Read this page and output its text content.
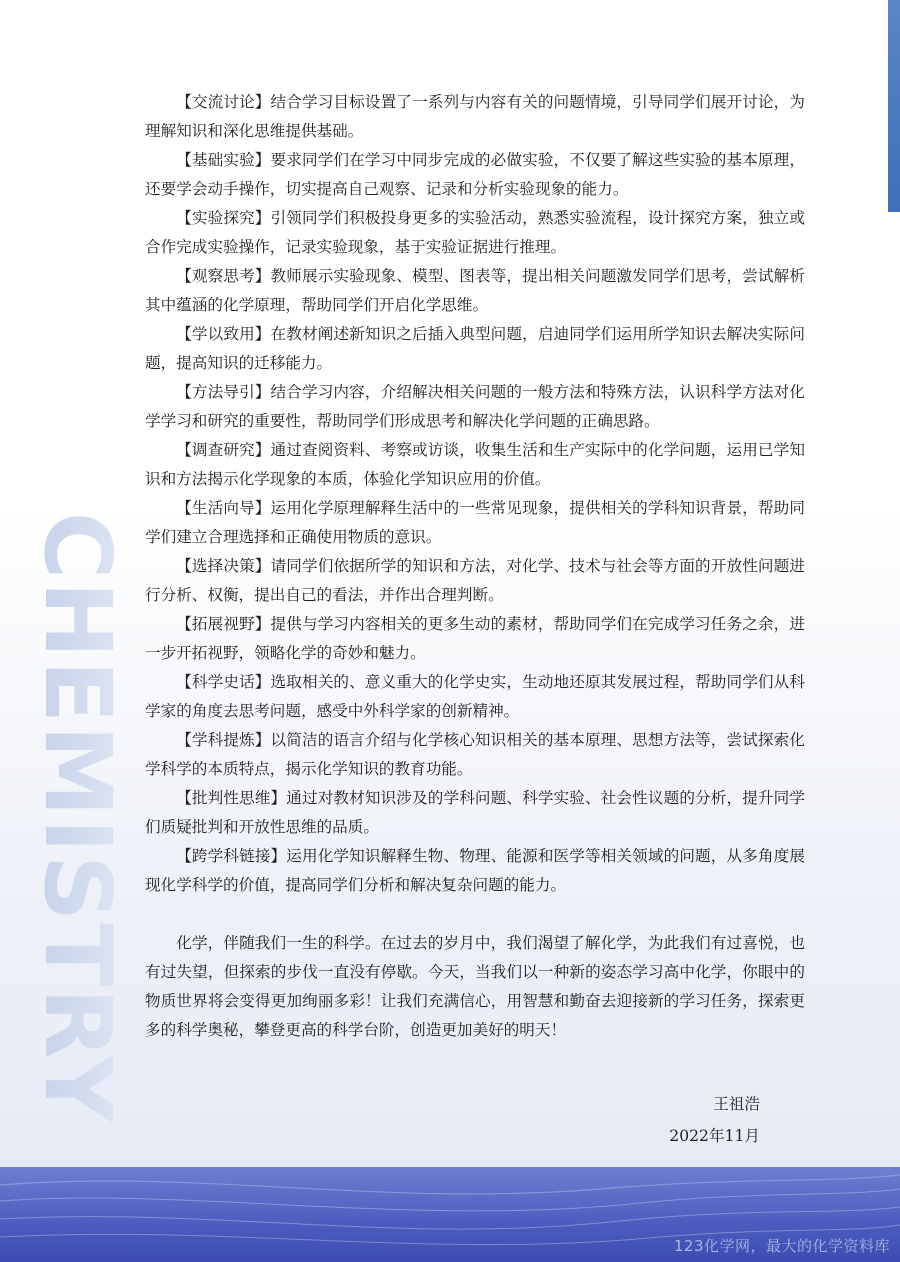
CHEMISTRY

【交流讨论】结合学习目标设置了一系列与内容有关的问题情境，引导同学们展开讨论，为理解知识和深化思维提供基础。

【基础实验】要求同学们在学习中同步完成的必做实验，不仅要了解这些实验的基本原理，还要学会动手操作，切实提高自己观察、记录和分析实验现象的能力。

【实验探究】引领同学们积极投身更多的实验活动，熟悉实验流程，设计探究方案，独立或合作完成实验操作，记录实验现象，基于实验证据进行推理。

【观察思考】教师展示实验现象、模型、图表等，提出相关问题激发同学们思考，尝试解析其中蕴涵的化学原理，帮助同学们开启化学思维。

【学以致用】在教材阐述新知识之后插入典型问题，启迪同学们运用所学知识去解决实际问题，提高知识的迁移能力。

【方法导引】结合学习内容，介绍解决相关问题的一般方法和特殊方法，认识科学方法对化学学习和研究的重要性，帮助同学们形成思考和解决化学问题的正确思路。

【调查研究】通过查阅资料、考察或访谈，收集生活和生产实际中的化学问题，运用已学知识和方法揭示化学现象的本质，体验化学知识应用的价值。

【生活向导】运用化学原理解释生活中的一些常见现象，提供相关的学科知识背景，帮助同学们建立合理选择和正确使用物质的意识。

【选择决策】请同学们依据所学的知识和方法，对化学、技术与社会等方面的开放性问题进行分析、权衡，提出自己的看法，并作出合理判断。

【拓展视野】提供与学习内容相关的更多生动的素材，帮助同学们在完成学习任务之余，进一步开拓视野，领略化学的奇妙和魅力。

【科学史话】选取相关的、意义重大的化学史实，生动地还原其发展过程，帮助同学们从科学家的角度去思考问题，感受中外科学家的创新精神。

【学科提炼】以简洁的语言介绍与化学核心知识相关的基本原理、思想方法等，尝试探索化学科学的本质特点，揭示化学知识的教育功能。

【批判性思维】通过对教材知识涉及的学科问题、科学实验、社会性议题的分析，提升同学们质疑批判和开放性思维的品质。

【跨学科链接】运用化学知识解释生物、物理、能源和医学等相关领域的问题，从多角度展现化学科学的价值，提高同学们分析和解决复杂问题的能力。

化学，伴随我们一生的科学。在过去的岁月中，我们渴望了解化学，为此我们有过喜悦，也有过失望，但探索的步伐一直没有停歇。今天，当我们以一种新的姿态学习高中化学，你眼中的物质世界将会变得更加绚丽多彩！让我们充满信心，用智慧和勤奋去迎接新的学习任务，探索更多的科学奥秘，攀登更高的科学台阶，创造更加美好的明天！

王祖浩
2022年11月
123化学网，最大的化学资料库
